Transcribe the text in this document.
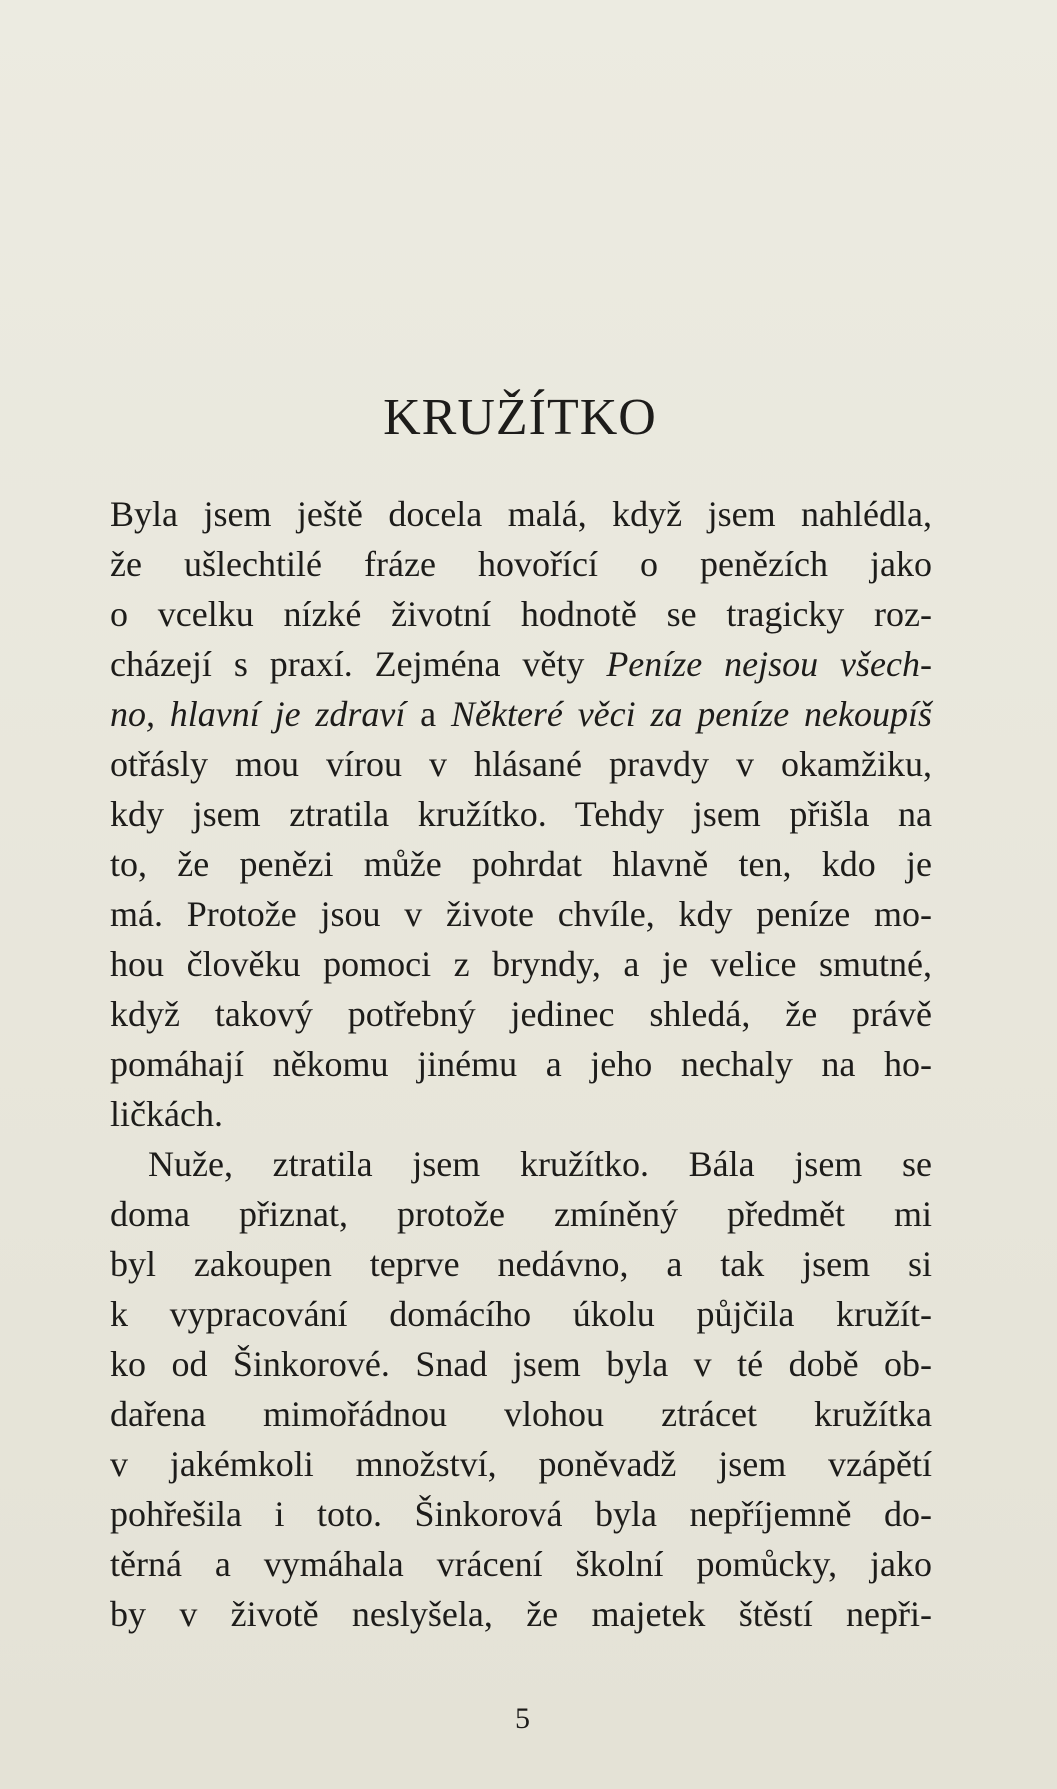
KRUŽÍTKO
Byla jsem ještě docela malá, když jsem nahlédla,
že ušlechtilé fráze hovořící o penězích jako
o vcelku nízké životní hodnotě se tragicky roz-
cházejí s praxí. Zejména věty Peníze nejsou všech-
no, hlavní je zdraví a Některé věci za peníze nekoupíš
otřásly mou vírou v hlásané pravdy v okamžiku,
kdy jsem ztratila kružítko. Tehdy jsem přišla na
to, že penězi může pohrdat hlavně ten, kdo je
má. Protože jsou v živote chvíle, kdy peníze mo-
hou člověku pomoci z bryndy, a je velice smutné,
když takový potřebný jedinec shledá, že právě
pomáhají někomu jinému a jeho nechaly na ho-
ličkách.
Nuže, ztratila jsem kružítko. Bála jsem se
doma přiznat, protože zmíněný předmět mi
byl zakoupen teprve nedávno, a tak jsem si
k vypracování domácího úkolu půjčila kružít-
ko od Šinkorové. Snad jsem byla v té době ob-
dařena mimořádnou vlohou ztrácet kružítka
v jakémkoli množství, poněvadž jsem vzápětí
pohřešila i toto. Šinkorová byla nepříjemně do-
těrná a vymáhala vrácení školní pomůcky, jako
by v životě neslyšela, že majetek štěstí nepři-
5
